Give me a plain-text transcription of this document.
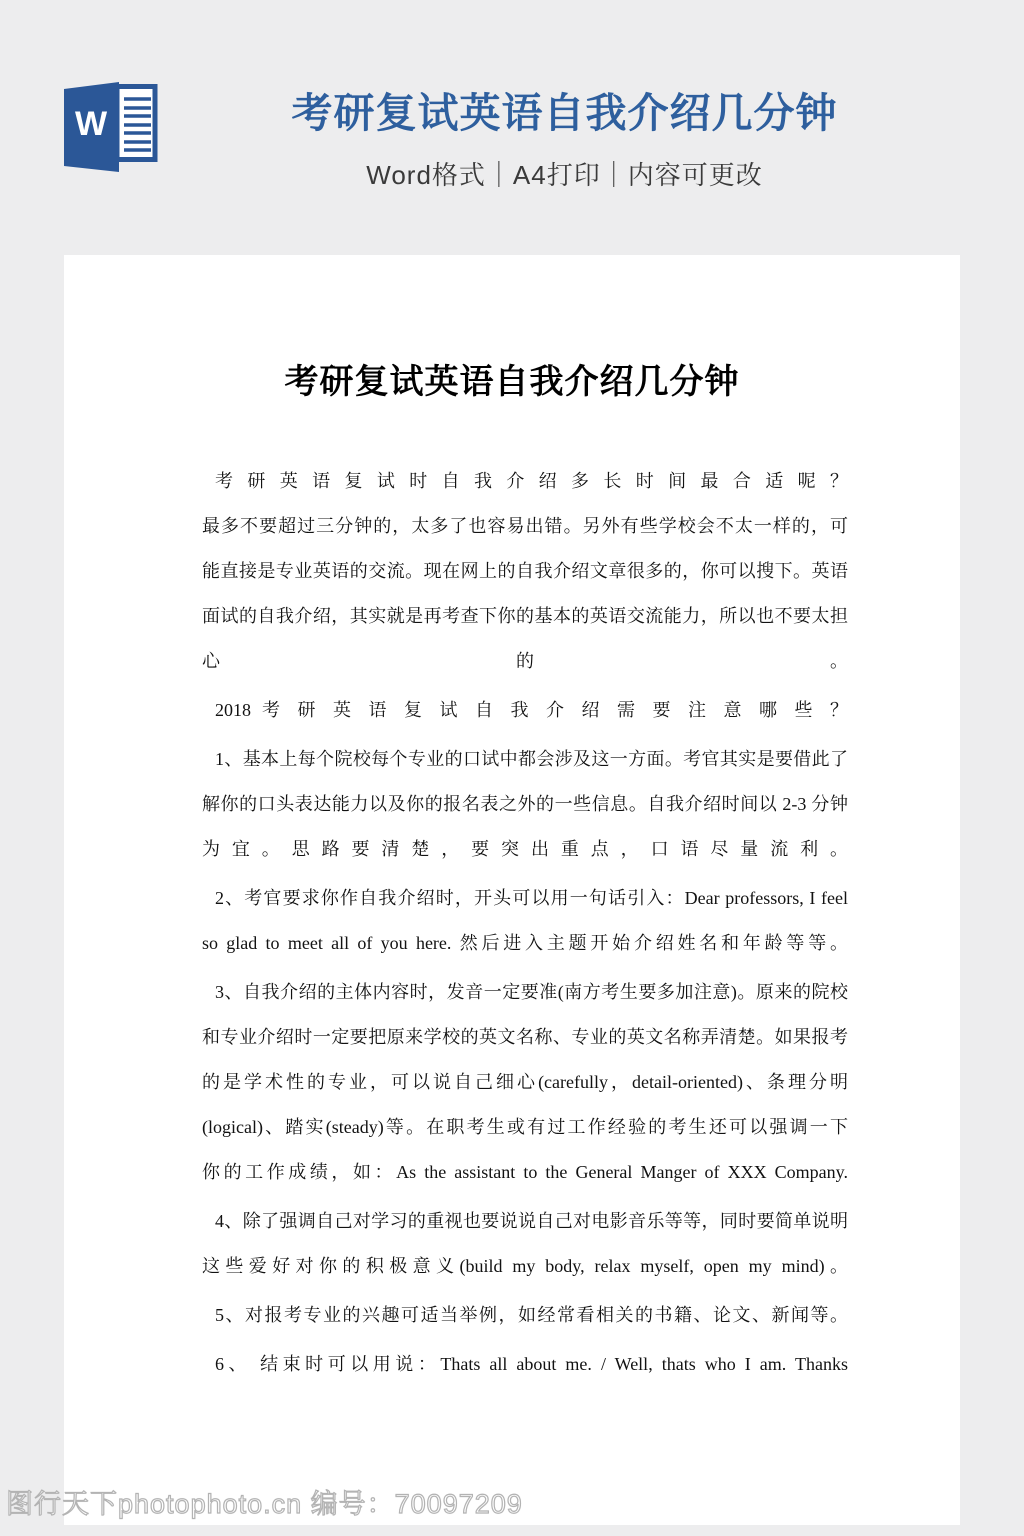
W	考研复试英语自我介绍几分钟
Word格式｜A4打印｜内容可更改
考研复试英语自我介绍几分钟
考 研 英 语 复 试 时 自 我 介 绍 多 长 时 间 最 合 适 呢 ？
最多不要超过三分钟的，太多了也容易出错。另外有些学校会不太一样的，可
能直接是专业英语的交流。现在网上的自我介绍文章很多的，你可以搜下。英语
面试的自我介绍，其实就是再考查下你的基本的英语交流能力，所以也不要太担
心 的 。
2018 考 研 英 语 复 试 自 我 介 绍 需 要 注 意 哪 些 ？
1、基本上每个院校每个专业的口试中都会涉及这一方面。考官其实是要借此了
解你的口头表达能力以及你的报名表之外的一些信息。自我介绍时间以 2-3 分钟
为 宜 。 思 路 要 清 楚 ， 要 突 出 重 点 ， 口 语 尽 量 流 利 。
2、考官要求你作自我介绍时，开头可以用一句话引入：Dear professors, I feel
so glad to meet all of you here. 然后进入主题开始介绍姓名和年龄等等。
3、自我介绍的主体内容时，发音一定要准(南方考生要多加注意)。原来的院校
和专业介绍时一定要把原来学校的英文名称、专业的英文名称弄清楚。如果报考
的是学术性的专业，可以说自己细心(carefully，detail-oriented)、条理分明
(logical)、踏实(steady)等。在职考生或有过工作经验的考生还可以强调一下
你的工作成绩，如：As the assistant to the General Manger of XXX Company.
4、除了强调自己对学习的重视也要说说自己对电影音乐等等，同时要简单说明
这些爱好对你的积极意义(build my body, relax myself, open my mind)。
5、对报考专业的兴趣可适当举例，如经常看相关的书籍、论文、新闻等。
6、 结束时可以用说：Thats all about me. / Well, thats who I am. Thanks
图行天下photophoto.cn 编号：70097209
